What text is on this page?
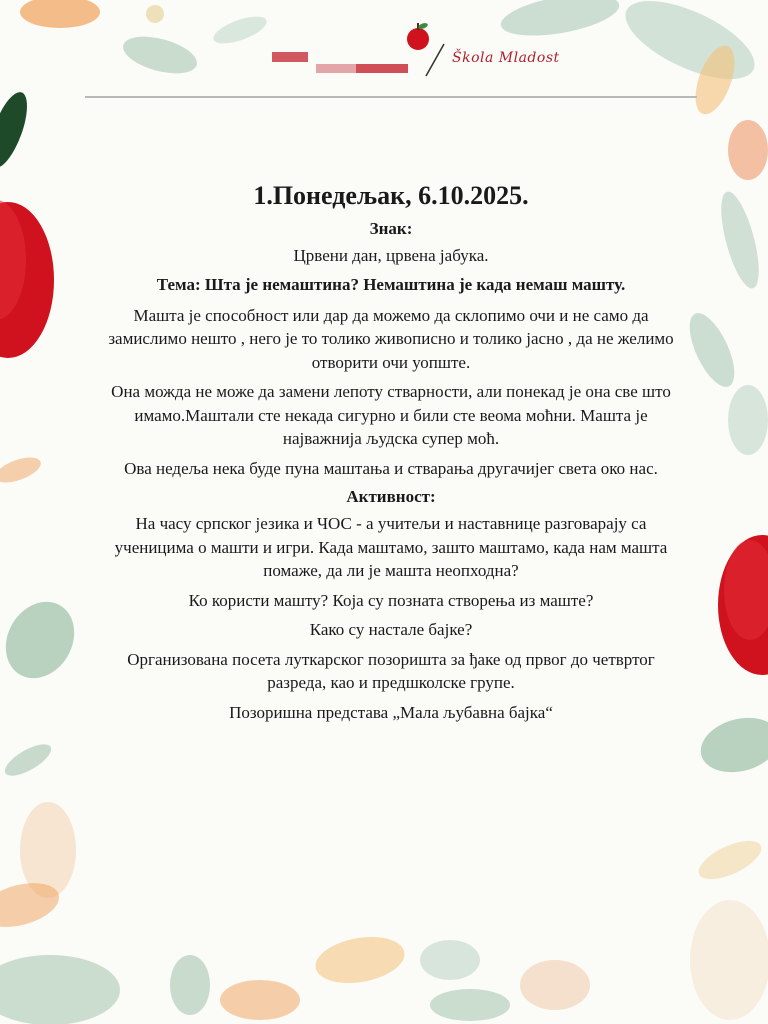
Škola Mladost
1.Понедељак, 6.10.2025.
Знак:
Црвени дан, црвена јабука.
Тема: Шта је немаштина? Немаштина је када немаш машту.
Машта је способност или дар да можемо да склопимо очи и не само да замислимо нешто , него је то толико живописно и толико јасно , да не желимо отворити очи уопште.
Она можда не може да замени лепоту стварности, али понекад је она све што имамо.Маштали сте некада сигурно и били сте веома моћни. Машта је најважнија људска супер моћ.
Ова недеља нека буде пуна маштања и стварања другачијег света око нас.
Активност:
На часу српског језика и ЧОС - а учитељи и наставнице разговарају са ученицима о машти и игри. Када маштамо, зашто маштамо, када нам машта помаже, да ли је машта неопходна?
Ко користи машту? Која су позната створења из маште?
Како су настале бајке?
Организована посета луткарског позоришта за ђаке од првог до четвртог разреда, као и предшколске групе.
Позоришна представа „Мала љубавна бајка“
